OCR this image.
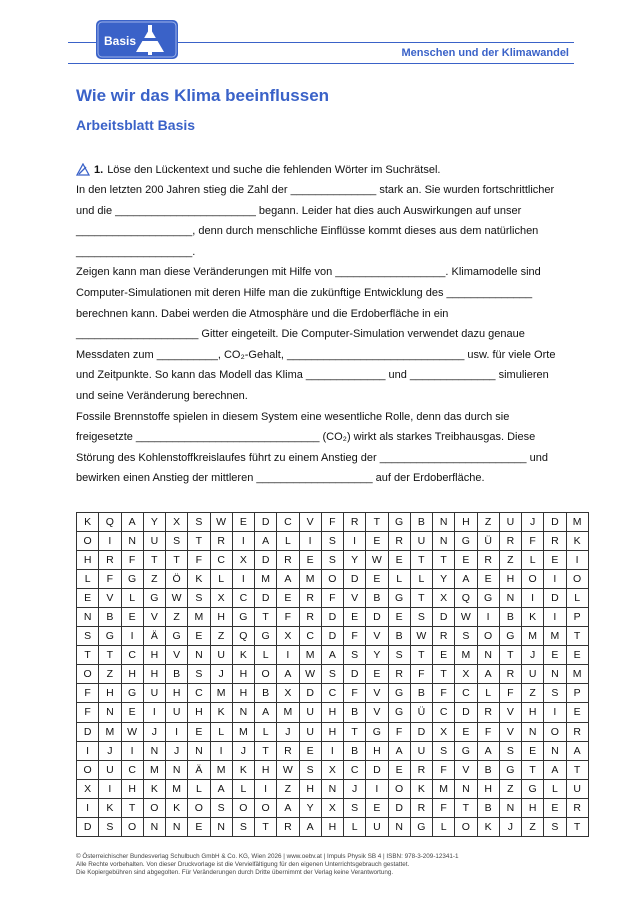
Basis
Menschen und der Klimawandel
Wie wir das Klima beeinflussen
Arbeitsblatt Basis
1. Löse den Lückentext und suche die fehlenden Wörter im Suchrätsel.

In den letzten 200 Jahren stieg die Zahl der ______________ stark an. Sie wurden fortschrittlicher und die _______________________ begann. Leider hat dies auch Auswirkungen auf unser ___________________, denn durch menschliche Einflüsse kommt dieses aus dem natürlichen ___________________.

Zeigen kann man diese Veränderungen mit Hilfe von __________________. Klimamodelle sind Computer-Simulationen mit deren Hilfe man die zukünftige Entwicklung des ______________ berechnen kann. Dabei werden die Atmosphäre und die Erdoberfläche in ein ____________________ Gitter eingeteilt. Die Computer-Simulation verwendet dazu genaue Messdaten zum __________, CO₂-Gehalt, _____________________________ usw. für viele Orte und Zeitpunkte. So kann das Modell das Klima _____________ und ______________ simulieren und seine Veränderung berechnen.

Fossile Brennstoffe spielen in diesem System eine wesentliche Rolle, denn das durch sie freigesetzte ______________________________ (CO₂) wirkt als starkes Treibhausgas. Diese Störung des Kohlenstoffkreislaufes führt zu einem Anstieg der ________________________ und bewirken einen Anstieg der mittleren ___________________ auf der Erdoberfläche.

K	Q	A	Y	X	S	W	E	D	C	V	F	R	T	G	B	N	H	Z	U	J	D	M
O	I	N	U	S	T	R	I	A	L	I	S	I	E	R	U	N	G	Ü	R	F	R	K
H	R	F	T	T	F	C	X	D	R	E	S	Y	W	E	T	T	E	R	Z	L	E	I
L	F	G	Z	Ö	K	L	I	M	A	M	O	D	E	L	L	Y	A	E	H	O	I	O
E	V	L	G	W	S	X	C	D	E	R	F	V	B	G	T	X	Q	G	N	I	D	L
N	B	E	V	Z	M	H	G	T	F	R	D	E	D	E	S	D	W	I	B	K	I	P
S	G	I	Ä	G	E	Z	Q	G	X	C	D	F	V	B	W	R	S	O	G	M	M	T
T	T	C	H	V	N	U	K	L	I	M	A	S	Y	S	T	E	M	N	T	J	E	E
O	Z	H	H	B	S	J	H	O	A	W	S	D	E	R	F	T	X	A	R	U	N	M
F	H	G	U	H	C	M	H	B	X	D	C	F	V	G	B	F	C	L	F	Z	S	P
F	N	E	I	U	H	K	N	A	M	U	H	B	V	G	Ü	C	D	R	V	H	I	E
D	M	W	J	I	E	L	M	L	J	U	H	T	G	F	D	X	E	F	V	N	O	R
I	J	I	N	J	N	I	J	T	R	E	I	B	H	A	U	S	G	A	S	E	N	A
O	U	C	M	N	Ä	M	K	H	W	S	X	C	D	E	R	F	V	B	G	T	A	T
X	I	H	K	M	L	A	L	I	Z	H	N	J	I	O	K	M	N	H	Z	G	L	U
I	K	T	O	K	O	S	O	O	A	Y	X	S	E	D	R	F	T	B	N	H	E	R
D	S	O	N	N	E	N	S	T	R	A	H	L	U	N	G	L	O	K	J	Z	S	T
© Österreichischer Bundesverlag Schulbuch GmbH & Co. KG, Wien 2026 | www.oebv.at | Impuls Physik SB 4 | ISBN: 978-3-209-12341-1
Alle Rechte vorbehalten. Von dieser Druckvorlage ist die Vervielfältigung für den eigenen Unterrichtsgebrauch gestattet.
Die Kopiergebühren sind abgegolten. Für Veränderungen durch Dritte übernimmt der Verlag keine Verantwortung.
